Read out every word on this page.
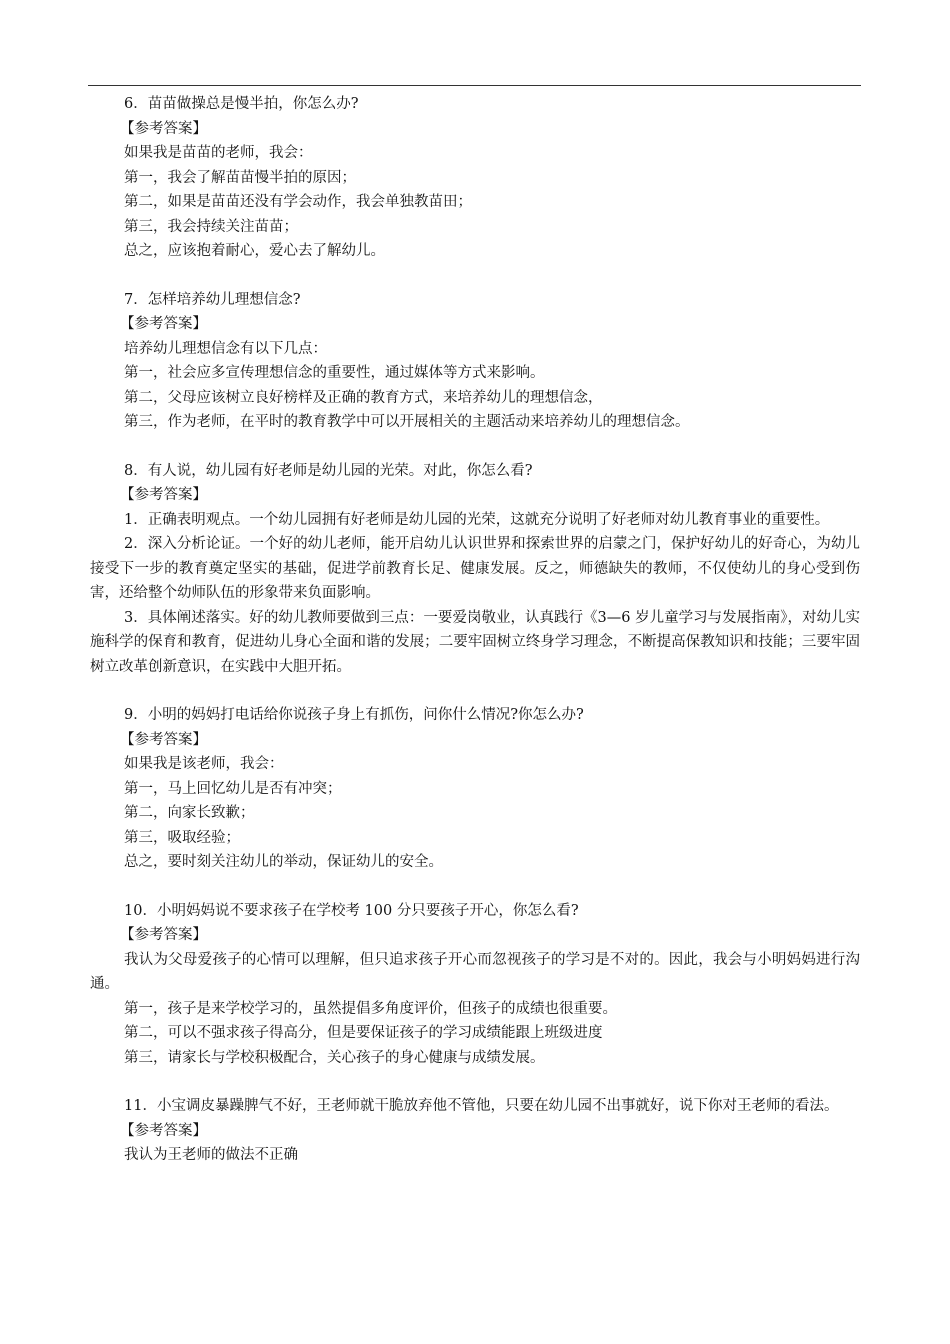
6．苗苗做操总是慢半拍，你怎么办?

【参考答案】

如果我是苗苗的老师，我会：

第一，我会了解苗苗慢半拍的原因；

第二，如果是苗苗还没有学会动作，我会单独教苗田；

第三，我会持续关注苗苗；

总之，应该抱着耐心，爱心去了解幼儿。

7．怎样培养幼儿理想信念?

【参考答案】

培养幼儿理想信念有以下几点：

第一，社会应多宣传理想信念的重要性，通过媒体等方式来影响。

第二，父母应该树立良好榜样及正确的教育方式，来培养幼儿的理想信念，

第三，作为老师，在平时的教育教学中可以开展相关的主题活动来培养幼儿的理想信念。

8．有人说，幼儿园有好老师是幼儿园的光荣。对此，你怎么看?

【参考答案】

1．正确表明观点。一个幼儿园拥有好老师是幼儿园的光荣，这就充分说明了好老师对幼儿教育事业的重要性。

2．深入分析论证。一个好的幼儿老师，能开启幼儿认识世界和探索世界的启蒙之门，保护好幼儿的好奇心，为幼儿接受下一步的教育奠定坚实的基础，促进学前教育长足、健康发展。反之，师德缺失的教师，不仅使幼儿的身心受到伤害，还给整个幼师队伍的形象带来负面影响。

3．具体阐述落实。好的幼儿教师要做到三点：一要爱岗敬业，认真践行《3—6 岁儿童学习与发展指南》，对幼儿实施科学的保育和教育，促进幼儿身心全面和谐的发展；二要牢固树立终身学习理念，不断提高保教知识和技能；三要牢固树立改革创新意识，在实践中大胆开拓。

9．小明的妈妈打电话给你说孩子身上有抓伤，问你什么情况?你怎么办?

【参考答案】

如果我是该老师，我会：

第一，马上回忆幼儿是否有冲突；

第二，向家长致歉；

第三，吸取经验；

总之，要时刻关注幼儿的举动，保证幼儿的安全。

10．小明妈妈说不要求孩子在学校考 100 分只要孩子开心，你怎么看?

【参考答案】

我认为父母爱孩子的心情可以理解，但只追求孩子开心而忽视孩子的学习是不对的。因此，我会与小明妈妈进行沟通。

第一，孩子是来学校学习的，虽然提倡多角度评价，但孩子的成绩也很重要。

第二，可以不强求孩子得高分，但是要保证孩子的学习成绩能跟上班级进度

第三，请家长与学校积极配合，关心孩子的身心健康与成绩发展。

11．小宝调皮暴躁脾气不好，王老师就干脆放弃他不管他，只要在幼儿园不出事就好，说下你对王老师的看法。

【参考答案】

我认为王老师的做法不正确
